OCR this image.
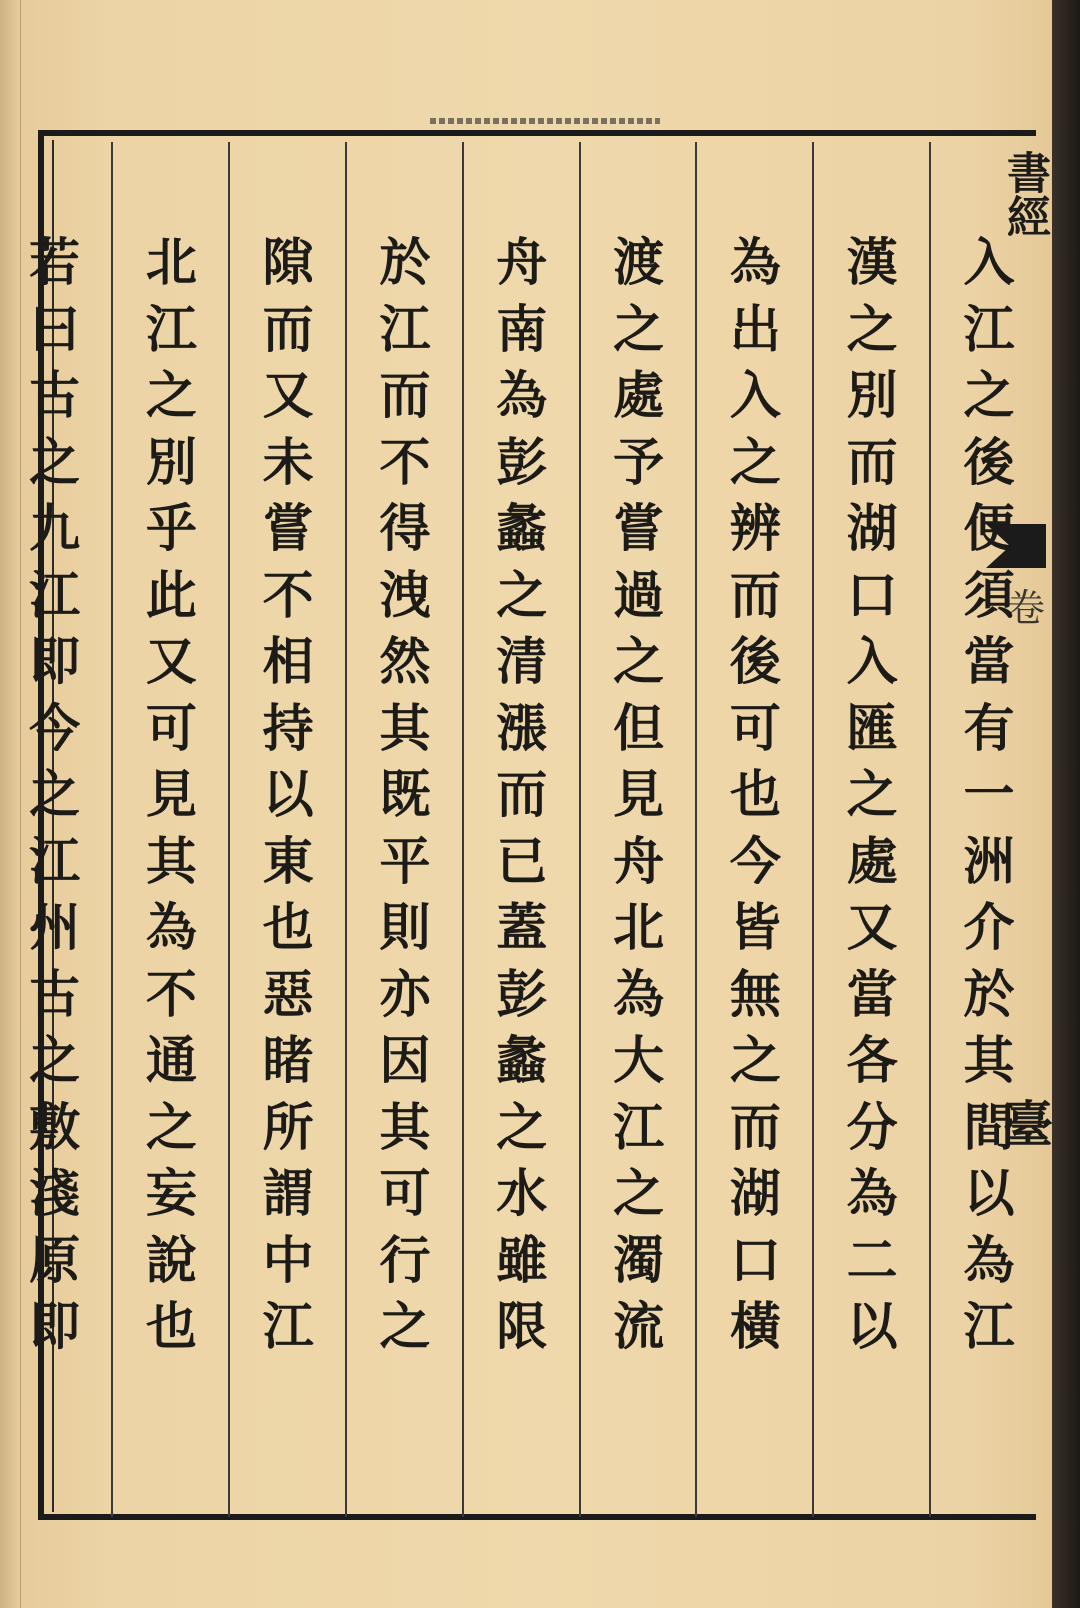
書經
卷
臺
入
江
之
後
便
須
當
有
一
洲
介
於
其
間
以
為
江
漢
之
別
而
湖
口
入
匯
之
處
又
當
各
分
為
二
以
為
出
入
之
辨
而
後
可
也
今
皆
無
之
而
湖
口
橫
渡
之
處
予
嘗
過
之
但
見
舟
北
為
大
江
之
濁
流
舟
南
為
彭
蠡
之
清
漲
而
已
蓋
彭
蠡
之
水
雖
限
於
江
而
不
得
洩
然
其
既
平
則
亦
因
其
可
行
之
隙
而
又
未
嘗
不
相
持
以
東
也
惡
睹
所
謂
中
江
北
江
之
別
乎
此
又
可
見
其
為
不
通
之
妄
說
也
若
曰
古
之
九
江
即
今
之
江
州
古
之
敷
淺
原
即
